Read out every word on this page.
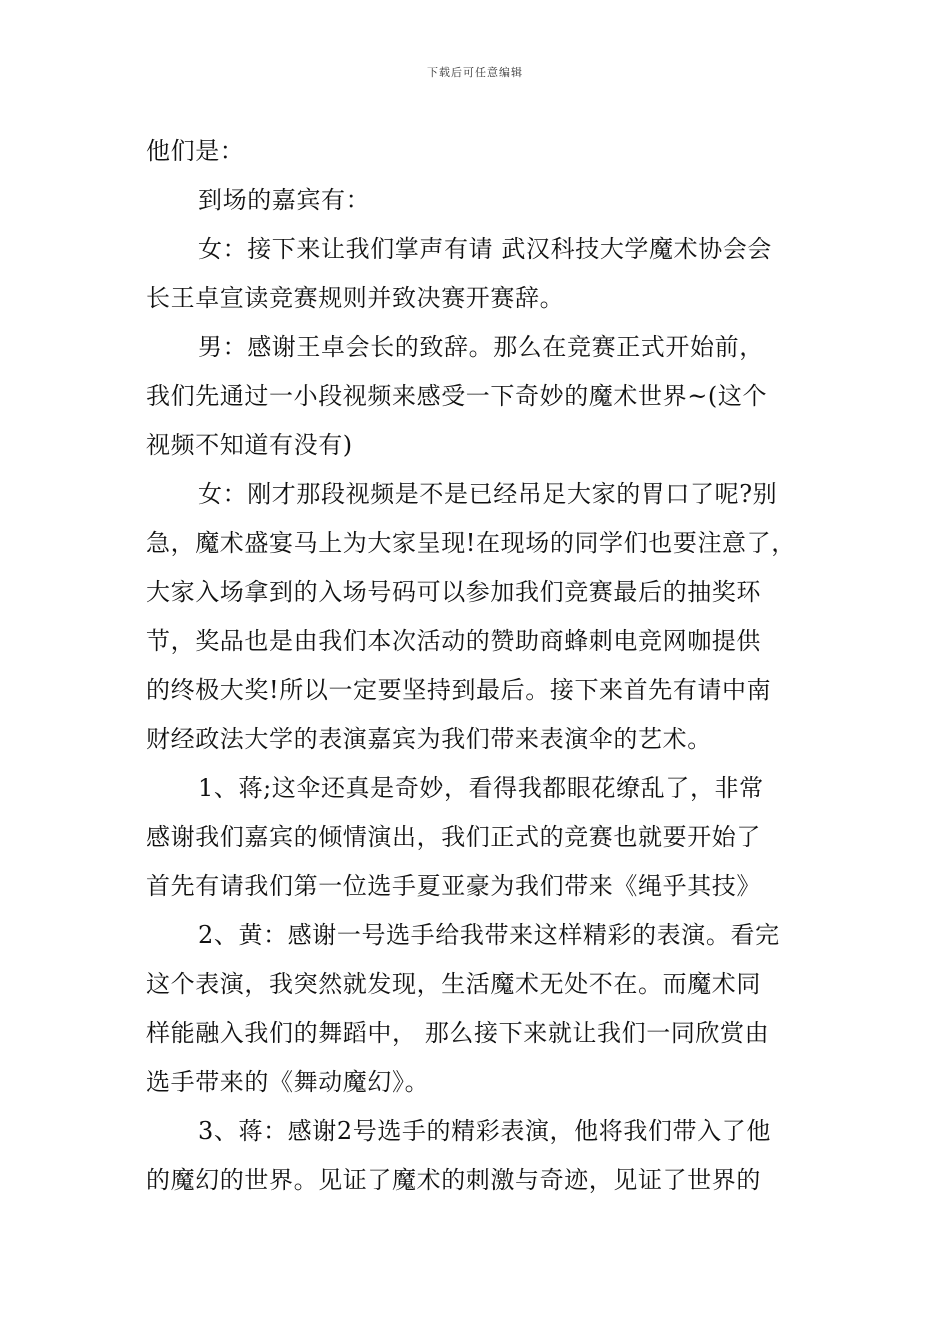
下载后可任意编辑
他们是：
到场的嘉宾有：
女：接下来让我们掌声有请 武汉科技大学魔术协会会
长王卓宣读竞赛规则并致决赛开赛辞。
男：感谢王卓会长的致辞。那么在竞赛正式开始前，
我们先通过一小段视频来感受一下奇妙的魔术世界~(这个
视频不知道有没有)
女：刚才那段视频是不是已经吊足大家的胃口了呢?别
急，魔术盛宴马上为大家呈现!在现场的同学们也要注意了，
大家入场拿到的入场号码可以参加我们竞赛最后的抽奖环
节，奖品也是由我们本次活动的赞助商蜂刺电竞网咖提供
的终极大奖!所以一定要坚持到最后。接下来首先有请中南
财经政法大学的表演嘉宾为我们带来表演伞的艺术。
1、蒋;这伞还真是奇妙，看得我都眼花缭乱了，非常
感谢我们嘉宾的倾情演出，我们正式的竞赛也就要开始了
首先有请我们第一位选手夏亚豪为我们带来《绳乎其技》
2、黄：感谢一号选手给我带来这样精彩的表演。看完
这个表演，我突然就发现，生活魔术无处不在。而魔术同
样能融入我们的舞蹈中， 那么接下来就让我们一同欣赏由
选手带来的《舞动魔幻》。
3、蒋：感谢2号选手的精彩表演，他将我们带入了他
的魔幻的世界。见证了魔术的刺激与奇迹，见证了世界的
